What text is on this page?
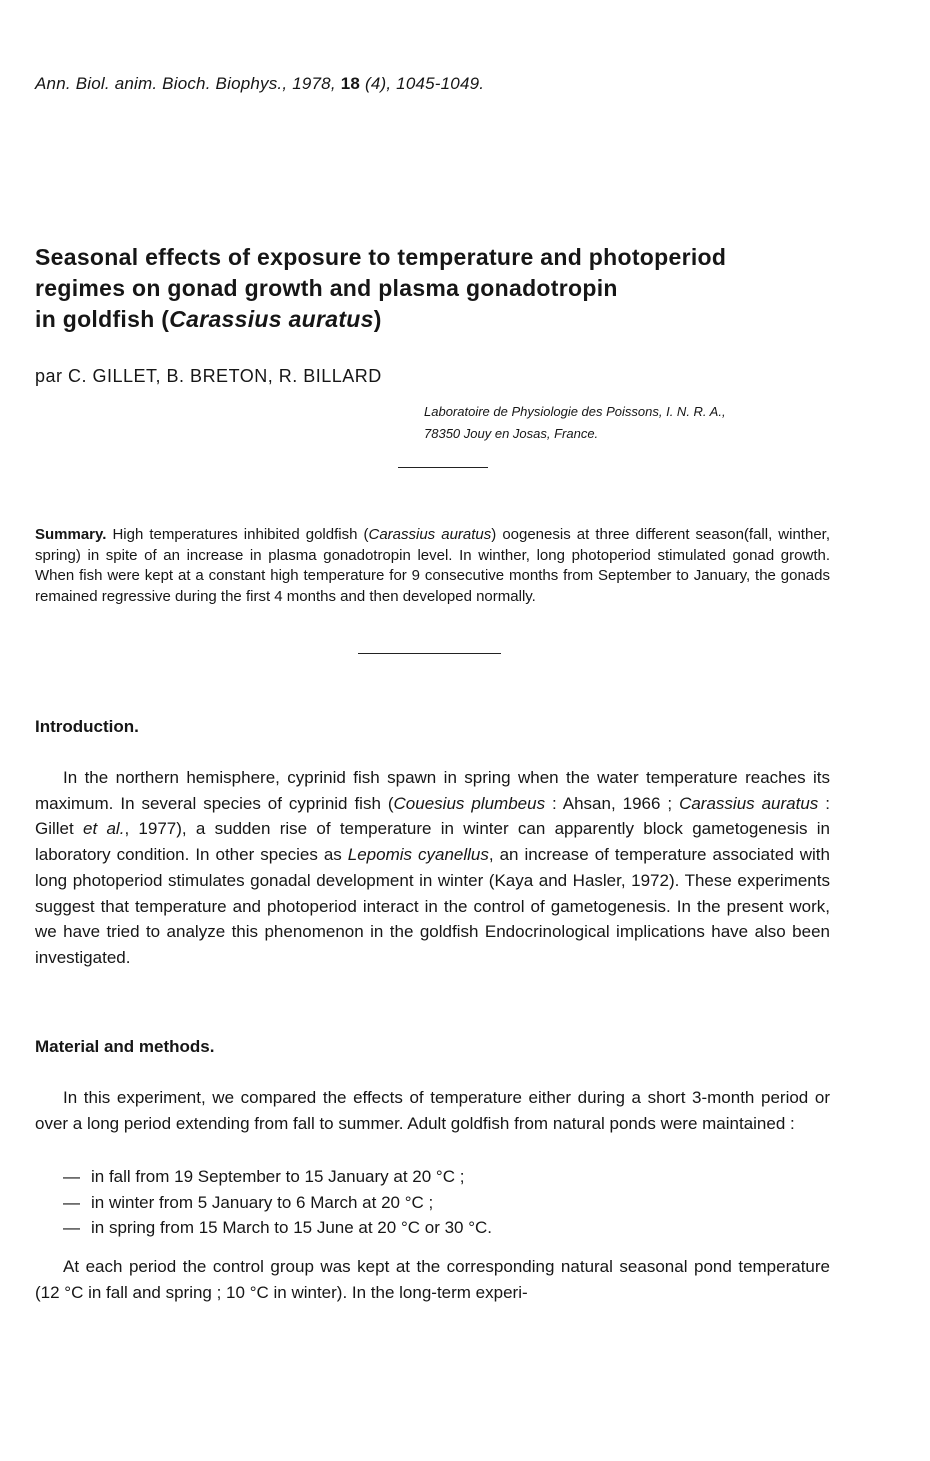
Ann. Biol. anim. Bioch. Biophys., 1978, 18 (4), 1045-1049.
Seasonal effects of exposure to temperature and photoperiod
regimes on gonad growth and plasma gonadotropin
in goldfish (Carassius auratus)
par C. GILLET, B. BRETON, R. BILLARD
Laboratoire de Physiologie des Poissons, I. N. R. A.,
78350 Jouy en Josas, France.
Summary. High temperatures inhibited goldfish (Carassius auratus) oogenesis at three different season(fall, winther, spring) in spite of an increase in plasma gonadotropin level. In winther, long photoperiod stimulated gonad growth. When fish were kept at a constant high temperature for 9 consecutive months from September to January, the gonads remained regressive during the first 4 months and then developed normally.
Introduction.
In the northern hemisphere, cyprinid fish spawn in spring when the water temperature reaches its maximum. In several species of cyprinid fish (Couesius plumbeus : Ahsan, 1966 ; Carassius auratus : Gillet et al., 1977), a sudden rise of temperature in winter can apparently block gametogenesis in laboratory condition. In other species as Lepomis cyanellus, an increase of temperature associated with long photoperiod stimulates gonadal development in winter (Kaya and Hasler, 1972). These experiments suggest that temperature and photoperiod interact in the control of gametogenesis. In the present work, we have tried to analyze this phenomenon in the goldfish Endocrinological implications have also been investigated.
Material and methods.
In this experiment, we compared the effects of temperature either during a short 3-month period or over a long period extending from fall to summer. Adult goldfish from natural ponds were maintained :
— in fall from 19 September to 15 January at 20 °C ;
— in winter from 5 January to 6 March at 20 °C ;
— in spring from 15 March to 15 June at 20 °C or 30 °C.
At each period the control group was kept at the corresponding natural seasonal pond temperature (12 °C in fall and spring ; 10 °C in winter). In the long-term experi-
